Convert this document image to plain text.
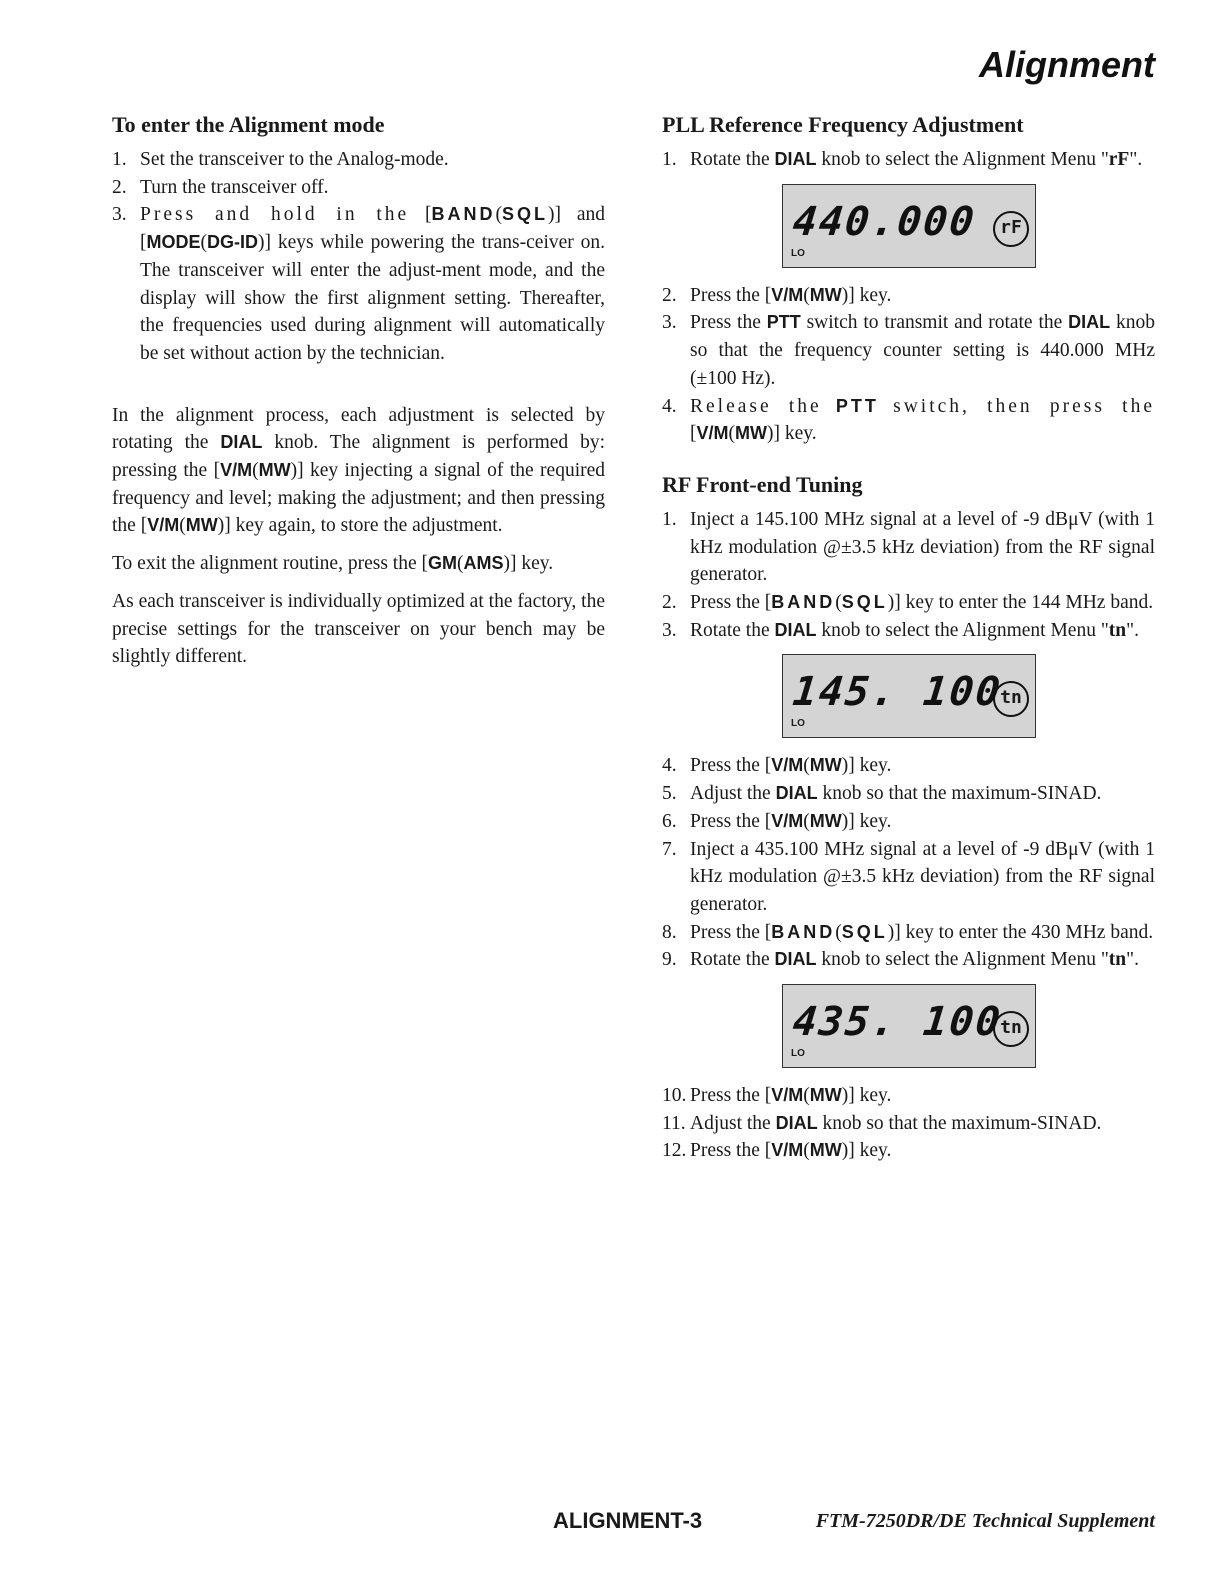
Alignment
To enter the Alignment mode
1. Set the transceiver to the Analog-mode.
2. Turn the transceiver off.
3. Press and hold in the [BAND(SQL)] and [MODE(DG-ID)] keys while powering the trans-ceiver on. The transceiver will enter the adjust-ment mode, and the display will show the first alignment setting. Thereafter, the frequencies used during alignment will automatically be set without action by the technician.

In the alignment process, each adjustment is selected by rotating the DIAL knob. The alignment is performed by: pressing the [V/M(MW)] key injecting a signal of the required frequency and level; making the adjustment; and then pressing the [V/M(MW)] key again, to store the adjustment.

To exit the alignment routine, press the [GM(AMS)] key.

As each transceiver is individually optimized at the factory, the precise settings for the transceiver on your bench may be slightly different.

PLL Reference Frequency Adjustment
1. Rotate the DIAL knob to select the Alignment Menu "rF".
440.000
LO
rF
2. Press the [V/M(MW)] key.
3. Press the PTT switch to transmit and rotate the DIAL knob so that the frequency counter setting is 440.000 MHz (±100 Hz).
4. Release the PTT switch, then press the [V/M(MW)] key.
RF Front-end Tuning
1. Inject a 145.100 MHz signal at a level of -9 dBμV (with 1 kHz modulation @±3.5 kHz deviation) from the RF signal generator.
2. Press the [BAND(SQL)] key to enter the 144 MHz band.
3. Rotate the DIAL knob to select the Alignment Menu "tn".
145. 100
LO
tn
4. Press the [V/M(MW)] key.
5. Adjust the DIAL knob so that the maximum-SINAD.
6. Press the [V/M(MW)] key.
7. Inject a 435.100 MHz signal at a level of -9 dBμV (with 1 kHz modulation @±3.5 kHz deviation) from the RF signal generator.
8. Press the [BAND(SQL)] key to enter the 430 MHz band.
9. Rotate the DIAL knob to select the Alignment Menu "tn".
435. 100
LO
tn
10. Press the [V/M(MW)] key.
11. Adjust the DIAL knob so that the maximum-SINAD.
12. Press the [V/M(MW)] key.
ALIGNMENT-3	FTM-7250DR/DE Technical Supplement
